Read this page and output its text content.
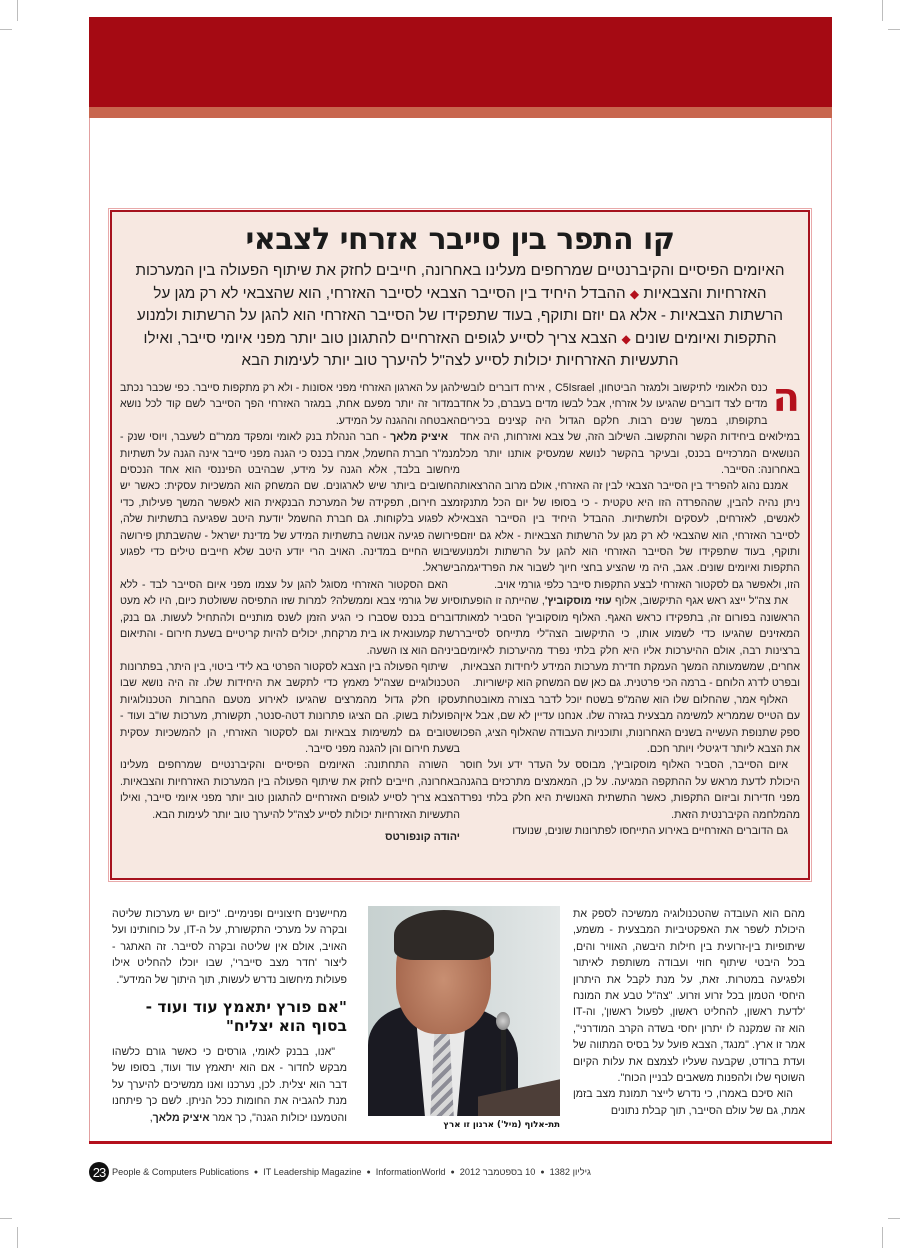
קו התפר בין סייבר אזרחי לצבאי
האיומים הפיסיים והקיברנטיים שמרחפים מעלינו באחרונה, חייבים לחזק את שיתוף הפעולה בין המערכות האזרחיות והצבאיות ◆ ההבדל היחיד בין הסייבר הצבאי לסייבר האזרחי, הוא שהצבאי לא רק מגן על הרשתות הצבאיות - אלא גם יוזם ותוקף, בעוד שתפקידו של הסייבר האזרחי הוא להגן על הרשתות ולמנוע התקפות ואיומים שונים ◆ הצבא צריך לסייע לגופים האזרחיים להתגונן טוב יותר מפני איומי סייבר, ואילו התעשיות האזרחיות יכולות לסייע לצה"ל להיערך טוב יותר לעימות הבא

ה
כנס הלאומי לתיקשוב ולמגזר הביטחון, C5Israel , אירח דוברים לובשי מדים לצד דוברים שהגיעו על אזרחי, אבל לבשו מדים בעברם, כל אחד בתקופתו, במשך שנים רבות. חלקם הגדול היה קצינים בכירים במילואים ביחידות הקשר והתקשוב. השילוב הזה, של צבא ואזרחות, היה אחד הנושאים המרכזיים בכנס, ובעיקר בהקשר לנושא שמעסיק אותנו יותר מכל באחרונה: הסייבר.

אמנם נהוג להפריד בין הסייבר הצבאי לבין זה האזרחי, אולם מרוב ההרצאות ניתן נהיה להבין, שההפרדה הזו היא טקטית - כי בסופו של יום הכל מתנקז לאנשים, לאזרחים, לעסקים ולתשתיות. ההבדל היחיד בין הסייבר הצבאי לסייבר האזרחי, הוא שהצבאי לא רק מגן על הרשתות הצבאיות - אלא גם יוזם ותוקף, בעוד שתפקידו של הסייבר האזרחי הוא להגן על הרשתות ולמנוע התקפות ואיומים שונים. אגב, היה מי שהציע בחצי חיוך לשבור את הפרדיגמה הזו, ולאפשר גם לסקטור האזרחי לבצע התקפות סייבר כלפי גורמי אויב.

את צה"ל ייצג ראש אגף התיקשוב, אלוף עוזי מוסקוביץ', שהייתה זו הופעתו הראשונה בפורום זה, בתפקידו כראש האגף. האלוף מוסקוביץ' הסביר למאות המאזינים שהגיעו כדי לשמוע אותו, כי התיקשוב הצה"לי מתייחס לסייבר ברצינות רבה, אולם ההיערכות אליו היא חלק בלתי נפרד מהיערכות לאיומים אחרים, שמשמעותה המשך העמקת חדירת מערכות המידע ליחידות הצבאיות, ובפרט לדרג הלוחם - ברמה הכי פרטנית. גם כאן שם המשחק הוא קישוריות.

האלוף אמר, שהחלום שלו הוא שהמ"פ בשטח יוכל לדבר בצורה מאובטחת עם הטייס שממריא למשימה מבצעית בגזרה שלו. אנחנו עדיין לא שם, אבל אין ספק שתנופת העשייה בשנים האחרונות, ותוכניות העבודה שהאלוף הציג, הפכו את הצבא ליותר דיגיטלי ויותר חכם.

איום הסייבר, הסביר האלוף מוסקוביץ', מבוסס על העדר ידע ועל חוסר היכולת לדעת מראש על ההתקפה המגיעה. על כן, המאמצים מתרכזים בהגנה מפני חדירות וביזום התקפות, כאשר התשתית האנושית היא חלק בלתי נפרד מהמלחמה הקיברנטית הזאת.

גם הדוברים האזרחיים באירוע התייחסו לפתרונות שונים, שנועדו

להגן על הארגון האזרחי מפני אסונות - ולא רק מתקפות סייבר. כפי שכבר נכתב במדור זה יותר מפעם אחת, במגזר האזרחי הפך הסייבר לשם קוד לכל נושא האבטחה וההגנה על המידע.

איציק מלאך - חבר הנהלת בנק לאומי ומפקד ממר"ם לשעבר, ויוסי שנק - מנמ"ר חברת החשמל, אמרו בכנס כי הגנה מפני סייבר אינה הגנה על תשתיות מיחשוב בלבד, אלא הגנה על מידע, שבהיבט הפיננסי הוא אחד הנכסים החשובים ביותר שיש לארגונים. שם המשחק הוא המשכיות עסקית: כאשר יש מצב חירום, תפקידה של המערכת הבנקאית הוא לאפשר המשך פעילות, כדי לא לפגוע בלקוחות. גם חברת החשמל יודעת היטב שפגיעה בתשתיות שלה, פירושה פגיעה אנושה בתשתיות המידע של מדינת ישראל - שהשבתתן פירושה שיבוש החיים במדינה. האויב הרי יודע היטב שלא חייבים טילים כדי לפגוע בישראל.

האם הסקטור האזרחי מסוגל להגן על עצמו מפני איום הסייבר לבד - ללא סיוע של גורמי צבא וממשלה? למרות שזו התפיסה ששולטת כיום, היו לא מעט דוברים בכנס שסברו כי הגיע הזמן לשנס מותניים ולהתחיל לעשות. גם בנק, רשת קמעונאית או בית מרקחת, יכולים להיות קריטיים בשעת חירום - והתיאום ביניהם הוא צו השעה.

שיתוף הפעולה בין הצבא לסקטור הפרטי בא לידי ביטוי, בין היתר, בפתרונות הטכנולוגיים שצה"ל מאמץ כדי לתקשב את היחידות שלו. זה היה נושא שבו עסקו חלק גדול מהמרצים שהגיעו לאירוע מטעם החברות הטכנולוגיות הפועלות בשוק. הם הציגו פתרונות דטה-סנטר, תקשורת, מערכות שו"ב ועוד - שטובים גם למשימות צבאיות וגם לסקטור האזרחי, הן להמשכיות עסקית בשעת חירום והן להגנה מפני סייבר.

השורה התחתונה: האיומים הפיסיים והקיברנטיים שמרחפים מעלינו באחרונה, חייבים לחזק את שיתוף הפעולה בין המערכות האזרחיות והצבאיות. הצבא צריך לסייע לגופים האזרחיים להתגונן טוב יותר מפני איומי סייבר, ואילו התעשיות האזרחיות יכולות לסייע לצה"ל להיערך טוב יותר לעימות הבא.

יהודה קונפורטס

מהם הוא העובדה שהטכנולוגיה ממשיכה לספק את היכולת לשפר את האפקטיביות המבצעית - משמע, שיתופיות בין-זרועית בין חילות היבשה, האוויר והים, בכל היבטי שיתוף חוזי ועבודה משותפת לאיתור ולפגיעה במטרות. זאת, על מנת לקבל את היתרון היחסי הטמון בכל זרוע וזרוע. "צה"ל טבע את המונח 'לדעת ראשון, להחליט ראשון, לפעול ראשון', וה-IT הוא זה שמקנה לו יתרון יחסי בשדה הקרב המודרני", אמר זו ארץ. "מנגד, הצבא פועל על בסיס המתווה של ועדת ברודט, שקבעה שעליו לצמצם את עלות הקיום השוטף שלו ולהפנות משאבים לבניין הכוח".

הוא סיכם באמרו, כי נדרש לייצר תמונת מצב בזמן אמת, גם של עולם הסייבר, תוך קבלת נתונים

תת-אלוף (מיל') ארנון זו ארץ

מחיישנים חיצוניים ופנימיים. "כיום יש מערכות שליטה ובקרה על מערכי התקשורת, על ה-IT, על כוחותינו ועל האויב, אולם אין שליטה ובקרה לסייבר. זה האתגר - ליצור 'חדר מצב סייברי', שבו יוכלו להחליט אילו פעולות מיחשוב נדרש לעשות, תוך היתוך של המידע".

"אם פורץ יתאמץ עוד ועוד - בסוף הוא יצליח"

"אנו, בבנק לאומי, גורסים כי כאשר גורם כלשהו מבקש לחדור - אם הוא יתאמץ עוד ועוד, בסופו של דבר הוא יצלית. לכן, נערכנו ואנו ממשיכים להיערך על מנת להגביה את החומות ככל הניתן. לשם כך פיתחנו והטמענו יכולות הגנה", כך אמר איציק מלאך,

23 People & Computers Publications ● IT Leadership Magazine ● InformationWorld ● 10 בספטמבר 2012 ● גיליון 1382
